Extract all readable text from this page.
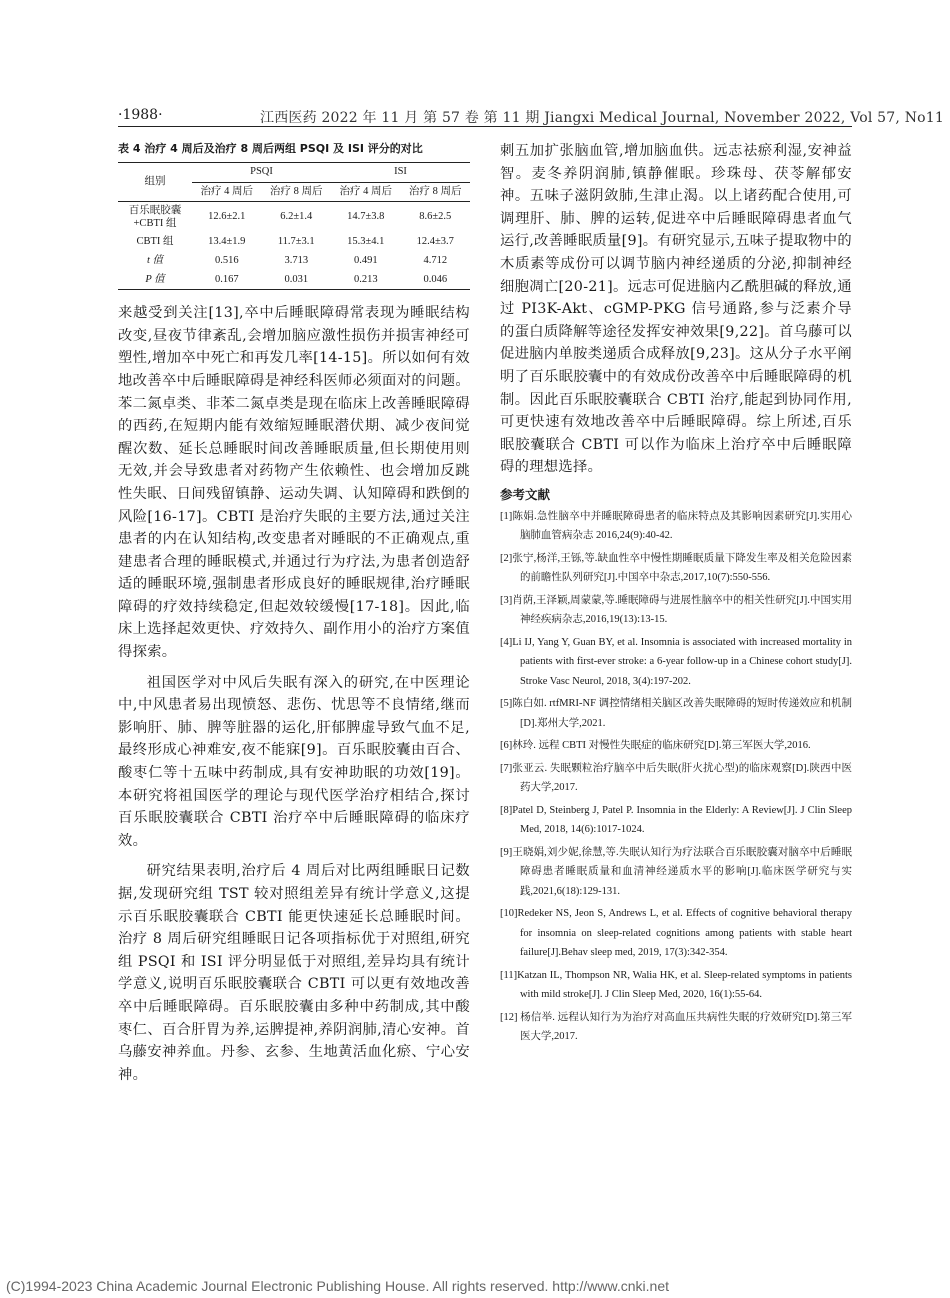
·1988·	江西医药 2022 年 11 月 第 57 卷 第 11 期 Jiangxi Medical Journal, November 2022, Vol 57, No11
表 4 治疗 4 周后及治疗 8 周后两组 PSQI 及 ISI 评分的对比
组别	PSQI		ISI	
	治疗 4 周后	治疗 8 周后	治疗 4 周后	治疗 8 周后
百乐眠胶囊+CBTI 组	12.6±2.1	6.2±1.4	14.7±3.8	8.6±2.5
CBTI 组	13.4±1.9	11.7±3.1	15.3±4.1	12.4±3.7
t 值	0.516	3.713	0.491	4.712
P 值	0.167	0.031	0.213	0.046

来越受到关注[13],卒中后睡眠障碍常表现为睡眠结构改变,昼夜节律紊乱,会增加脑应激性损伤并损害神经可塑性,增加卒中死亡和再发几率[14-15]。所以如何有效地改善卒中后睡眠障碍是神经科医师必须面对的问题。苯二氮卓类、非苯二氮卓类是现在临床上改善睡眠障碍的西药,在短期内能有效缩短睡眠潜伏期、减少夜间觉醒次数、延长总睡眠时间改善睡眠质量,但长期使用则无效,并会导致患者对药物产生依赖性、也会增加反跳性失眠、日间残留镇静、运动失调、认知障碍和跌倒的风险[16-17]。CBTI 是治疗失眠的主要方法,通过关注患者的内在认知结构,改变患者对睡眠的不正确观点,重建患者合理的睡眠模式,并通过行为疗法,为患者创造舒适的睡眠环境,强制患者形成良好的睡眠规律,治疗睡眠障碍的疗效持续稳定,但起效较缓慢[17-18]。因此,临床上选择起效更快、疗效持久、副作用小的治疗方案值得探索。

祖国医学对中风后失眠有深入的研究,在中医理论中,中风患者易出现愤怒、悲伤、忧思等不良情绪,继而影响肝、肺、脾等脏器的运化,肝郁脾虚导致气血不足,最终形成心神难安,夜不能寐[9]。百乐眠胶囊由百合、酸枣仁等十五味中药制成,具有安神助眠的功效[19]。本研究将祖国医学的理论与现代医学治疗相结合,探讨百乐眠胶囊联合 CBTI 治疗卒中后睡眠障碍的临床疗效。

研究结果表明,治疗后 4 周后对比两组睡眠日记数据,发现研究组 TST 较对照组差异有统计学意义,这提示百乐眠胶囊联合 CBTI 能更快速延长总睡眠时间。治疗 8 周后研究组睡眠日记各项指标优于对照组,研究组 PSQI 和 ISI 评分明显低于对照组,差异均具有统计学意义,说明百乐眠胶囊联合 CBTI 可以更有效地改善卒中后睡眠障碍。百乐眠胶囊由多种中药制成,其中酸枣仁、百合肝胃为养,运脾提神,养阴润肺,清心安神。首乌藤安神养血。丹参、玄参、生地黄活血化瘀、宁心安神。

刺五加扩张脑血管,增加脑血供。远志祛瘀利湿,安神益智。麦冬养阴润肺,镇静催眠。珍珠母、茯苓解郁安神。五味子滋阴敛肺,生津止渴。以上诸药配合使用,可调理肝、肺、脾的运转,促进卒中后睡眠障碍患者血气运行,改善睡眠质量[9]。有研究显示,五味子提取物中的木质素等成份可以调节脑内神经递质的分泌,抑制神经细胞凋亡[20-21]。远志可促进脑内乙酰胆碱的释放,通过 PI3K-Akt、cGMP-PKG 信号通路,参与泛素介导的蛋白质降解等途径发挥安神效果[9,22]。首乌藤可以促进脑内单胺类递质合成释放[9,23]。这从分子水平阐明了百乐眠胶囊中的有效成份改善卒中后睡眠障碍的机制。因此百乐眠胶囊联合 CBTI 治疗,能起到协同作用,可更快速有效地改善卒中后睡眠障碍。综上所述,百乐眠胶囊联合 CBTI 可以作为临床上治疗卒中后睡眠障碍的理想选择。

参考文献

[1]陈娟.急性脑卒中并睡眠障碍患者的临床特点及其影响因素研究[J].实用心脑肺血管病杂志 2016,24(9):40-42.

[2]张宁,杨洋,王铄,等.缺血性卒中慢性期睡眠质量下降发生率及相关危险因素的前瞻性队列研究[J].中国卒中杂志,2017,10(7):550-556.

[3]肖荫,王泽颖,周蒙蒙,等.睡眠障碍与进展性脑卒中的相关性研究[J].中国实用神经疾病杂志,2016,19(13):13-15.

[4]Li IJ, Yang Y, Guan BY, et al. Insomnia is associated with increased mortality in patients with first-ever stroke: a 6-year follow-up in a Chinese cohort study[J]. Stroke Vasc Neurol, 2018, 3(4):197-202.

[5]陈白如. rtfMRI-NF 调控情绪相关脑区改善失眠障碍的短时传递效应和机制[D].郑州大学,2021.

[6]林玲. 远程 CBTI 对慢性失眠症的临床研究[D].第三军医大学,2016.

[7]张亚云. 失眠颗粒治疗脑卒中后失眠(肝火扰心型)的临床观察[D].陕西中医药大学,2017.

[8]Patel D, Steinberg J, Patel P. Insomnia in the Elderly: A Review[J]. J Clin Sleep Med, 2018, 14(6):1017-1024.

[9]王晓娟,刘少妮,徐慧,等.失眠认知行为疗法联合百乐眠胶囊对脑卒中后睡眠障碍患者睡眠质量和血清神经递质水平的影响[J].临床医学研究与实践,2021,6(18):129-131.

[10]Redeker NS, Jeon S, Andrews L, et al. Effects of cognitive behavioral therapy for insomnia on sleep-related cognitions among patients with stable heart failure[J].Behav sleep med, 2019, 17(3):342-354.

[11]Katzan IL, Thompson NR, Walia HK, et al. Sleep-related symptoms in patients with mild stroke[J]. J Clin Sleep Med, 2020, 16(1):55-64.

[12] 杨信举. 远程认知行为为治疗对高血压共病性失眠的疗效研究[D].第三军医大学,2017.

(C)1994-2023 China Academic Journal Electronic Publishing House. All rights reserved. http://www.cnki.net
